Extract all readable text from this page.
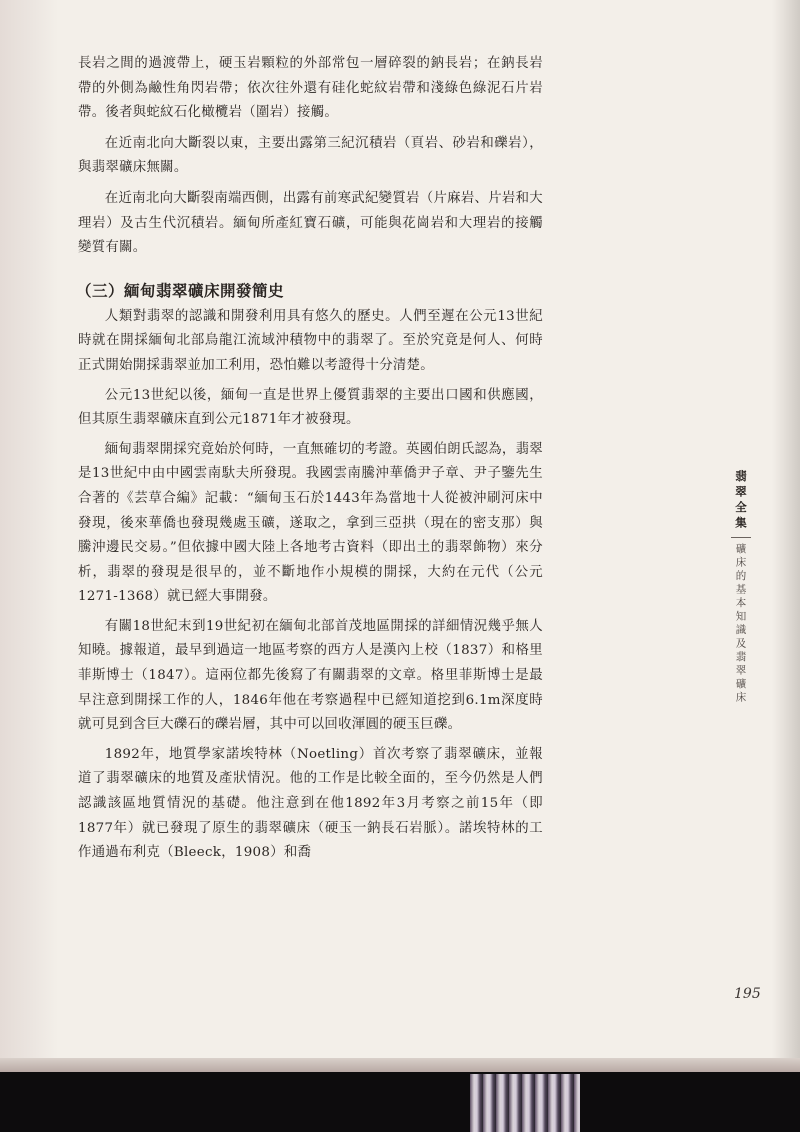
長岩之間的過渡帶上，硬玉岩顆粒的外部常包一層碎裂的鈉長岩；在鈉長岩帶的外側為鹼性角閃岩帶；依次往外還有硅化蛇紋岩帶和淺綠色綠泥石片岩帶。後者與蛇紋石化橄欖岩（圍岩）接觸。

在近南北向大斷裂以東，主要出露第三紀沉積岩（頁岩、砂岩和礫岩），與翡翠礦床無關。

在近南北向大斷裂南端西側，出露有前寒武紀變質岩（片麻岩、片岩和大理岩）及古生代沉積岩。緬甸所產紅寶石礦，可能與花崗岩和大理岩的接觸變質有關。

（三）緬甸翡翠礦床開發簡史

人類對翡翠的認識和開發利用具有悠久的歷史。人們至遲在公元13世紀時就在開採緬甸北部烏龍江流域沖積物中的翡翠了。至於究竟是何人、何時正式開始開採翡翠並加工利用，恐怕難以考證得十分清楚。

公元13世紀以後，緬甸一直是世界上優質翡翠的主要出口國和供應國，但其原生翡翠礦床直到公元1871年才被發現。

緬甸翡翠開採究竟始於何時，一直無確切的考證。英國伯朗氏認為，翡翠是13世紀中由中國雲南馱夫所發現。我國雲南騰沖華僑尹子章、尹子鑒先生合著的《芸草合編》記載：“緬甸玉石於1443年為當地十人從被沖刷河床中發現，後來華僑也發現幾處玉礦，遂取之，拿到三亞拱（現在的密支那）與騰沖邊民交易。”但依據中國大陸上各地考古資料（即出土的翡翠飾物）來分析，翡翠的發現是很早的，並不斷地作小規模的開採，大約在元代（公元1271-1368）就已經大事開發。

有關18世紀末到19世紀初在緬甸北部首茂地區開採的詳細情況幾乎無人知曉。據報道，最早到過這一地區考察的西方人是漢內上校（1837）和格里菲斯博士（1847）。這兩位都先後寫了有關翡翠的文章。格里菲斯博士是最早注意到開採工作的人，1846年他在考察過程中已經知道挖到6.1m深度時就可見到含巨大礫石的礫岩層，其中可以回收渾圓的硬玉巨礫。

1892年，地質學家諾埃特林（Noetling）首次考察了翡翠礦床，並報道了翡翠礦床的地質及產狀情況。他的工作是比較全面的，至今仍然是人們認識該區地質情況的基礎。他注意到在他1892年3月考察之前15年（即1877年）就已發現了原生的翡翠礦床（硬玉一鈉長石岩脈）。諾埃特林的工作通過布利克（Bleeck，1908）和喬

翡翠全集
礦床的基本知識及翡翠礦床
195
